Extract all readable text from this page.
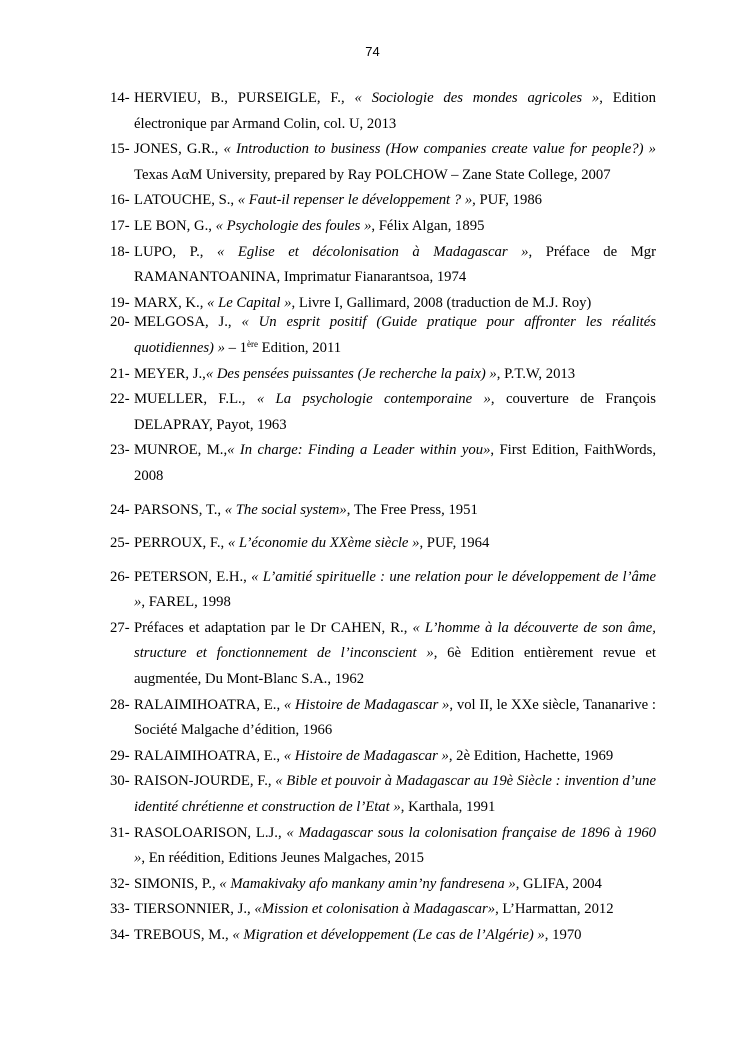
74
14- HERVIEU, B., PURSEIGLE, F., « Sociologie des mondes agricoles », Edition électronique par Armand Colin, col. U, 2013
15- JONES, G.R., « Introduction to business (How companies create value for people?) » Texas AαM University, prepared by Ray POLCHOW – Zane State College, 2007
16- LATOUCHE, S., « Faut-il repenser le développement ? », PUF, 1986
17- LE BON, G., « Psychologie des foules », Félix Algan, 1895
18- LUPO, P., « Eglise et décolonisation à Madagascar », Préface de Mgr RAMANANTOANINA, Imprimatur Fianarantsoa, 1974
19- MARX, K., « Le Capital », Livre I, Gallimard, 2008 (traduction de M.J. Roy)
20- MELGOSA, J., « Un esprit positif (Guide pratique pour affronter les réalités quotidiennes) » – 1ère Edition, 2011
21- MEYER, J.,« Des pensées puissantes (Je recherche la paix) », P.T.W, 2013
22- MUELLER, F.L., « La psychologie contemporaine », couverture de François DELAPRAY, Payot, 1963
23- MUNROE, M.,« In charge: Finding a Leader within you», First Edition, FaithWords, 2008
24- PARSONS, T., « The social system», The Free Press, 1951
25- PERROUX, F., « L’économie du XXème siècle », PUF, 1964
26- PETERSON, E.H., « L’amitié spirituelle : une relation pour le développement de l’âme », FAREL, 1998
27- Préfaces et adaptation par le Dr CAHEN, R., « L’homme à la découverte de son âme, structure et fonctionnement de l’inconscient », 6è Edition entièrement revue et augmentée, Du Mont-Blanc S.A., 1962
28- RALAIMIHOATRA, E., « Histoire de Madagascar », vol II, le XXe siècle, Tananarive : Société Malgache d’édition, 1966
29- RALAIMIHOATRA, E., « Histoire de Madagascar », 2è Edition, Hachette, 1969
30- RAISON-JOURDE, F., « Bible et pouvoir à Madagascar au 19è Siècle : invention d’une identité chrétienne et construction de l’Etat », Karthala, 1991
31- RASOLOARISON, L.J., « Madagascar sous la colonisation française de 1896 à 1960 », En réédition, Editions Jeunes Malgaches, 2015
32- SIMONIS, P., « Mamakivaky afo mankany amin’ny fandresena », GLIFA, 2004
33- TIERSONNIER, J., «Mission et colonisation à Madagascar», L’Harmattan, 2012
34- TREBOUS, M., « Migration et développement (Le cas de l’Algérie) », 1970
